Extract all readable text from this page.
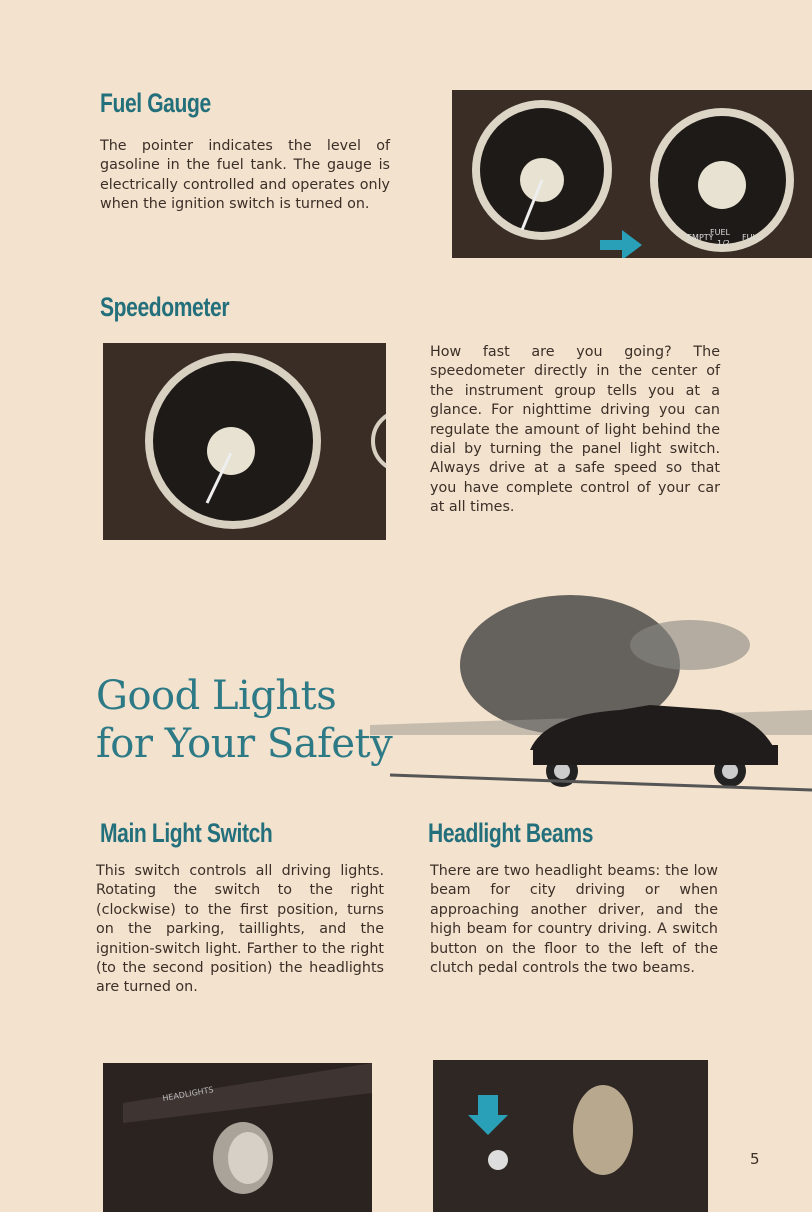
Fuel Gauge

The pointer indicates the level of gasoline in the fuel tank. The gauge is electrically controlled and operates only when the ignition switch is turned on.

EMPTY
FUEL
1/2
FULL
Speedometer

How fast are you going? The speedometer directly in the center of the instrument group tells you at a glance. For nighttime driving you can regulate the amount of light behind the dial by turning the panel light switch. Always drive at a safe speed so that you have complete control of your car at all times.

Good Lights
for Your Safety
Main Light Switch

This switch controls all driving lights. Rotating the switch to the right (clockwise) to the first position, turns on the parking, taillights, and the ignition-switch light. Farther to the right (to the second position) the headlights are turned on.

Headlight Beams

There are two headlight beams: the low beam for city driving or when approaching another driver, and the high beam for country driving. A switch button on the floor to the left of the clutch pedal controls the two beams.

HEADLIGHTS
5
